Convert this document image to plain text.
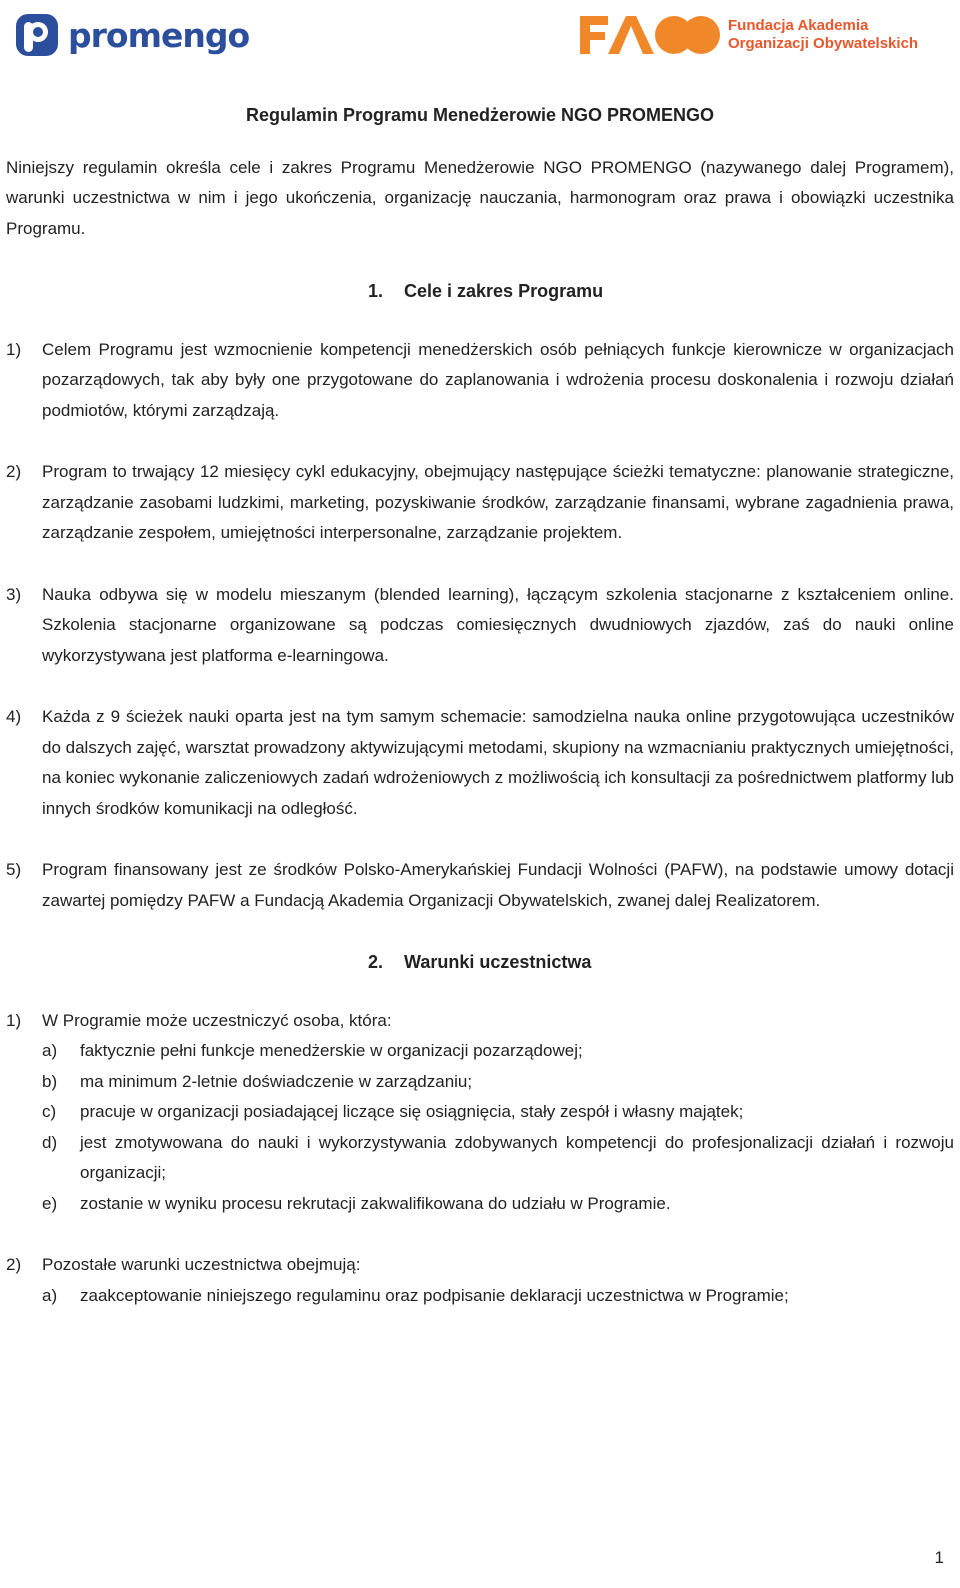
promengo	Fundacja Akademia
Organizacji Obywatelskich
Regulamin Programu Menedżerowie NGO PROMENGO

Niniejszy regulamin określa cele i zakres Programu Menedżerowie NGO PROMENGO (nazywanego dalej Programem), warunki uczestnictwa w nim i jego ukończenia, organizację nauczania, harmonogram oraz prawa i obowiązki uczestnika Programu.

1. Cele i zakres Programu
1) Celem Programu jest wzmocnienie kompetencji menedżerskich osób pełniących funkcje kierownicze w organizacjach pozarządowych, tak aby były one przygotowane do zaplanowania i wdrożenia procesu doskonalenia i rozwoju działań podmiotów, którymi zarządzają.
2) Program to trwający 12 miesięcy cykl edukacyjny, obejmujący następujące ścieżki tematyczne: planowanie strategiczne, zarządzanie zasobami ludzkimi, marketing, pozyskiwanie środków, zarządzanie finansami, wybrane zagadnienia prawa, zarządzanie zespołem, umiejętności interpersonalne, zarządzanie projektem.
3) Nauka odbywa się w modelu mieszanym (blended learning), łączącym szkolenia stacjonarne z kształceniem online. Szkolenia stacjonarne organizowane są podczas comiesięcznych dwudniowych zjazdów, zaś do nauki online wykorzystywana jest platforma e-learningowa.
4) Każda z 9 ścieżek nauki oparta jest na tym samym schemacie: samodzielna nauka online przygotowująca uczestników do dalszych zajęć, warsztat prowadzony aktywizującymi metodami, skupiony na wzmacnianiu praktycznych umiejętności, na koniec wykonanie zaliczeniowych zadań wdrożeniowych z możliwością ich konsultacji za pośrednictwem platformy lub innych środków komunikacji na odległość.
5) Program finansowany jest ze środków Polsko-Amerykańskiej Fundacji Wolności (PAFW), na podstawie umowy dotacji zawartej pomiędzy PAFW a Fundacją Akademia Organizacji Obywatelskich, zwanej dalej Realizatorem.
2. Warunki uczestnictwa
1) W Programie może uczestniczyć osoba, która:
a) faktycznie pełni funkcje menedżerskie w organizacji pozarządowej;
b) ma minimum 2-letnie doświadczenie w zarządzaniu;
c) pracuje w organizacji posiadającej liczące się osiągnięcia, stały zespół i własny majątek;
d) jest zmotywowana do nauki i wykorzystywania zdobywanych kompetencji do profesjonalizacji działań i rozwoju organizacji;
e) zostanie w wyniku procesu rekrutacji zakwalifikowana do udziału w Programie.
2) Pozostałe warunki uczestnictwa obejmują:
a) zaakceptowanie niniejszego regulaminu oraz podpisanie deklaracji uczestnictwa w Programie;
1
